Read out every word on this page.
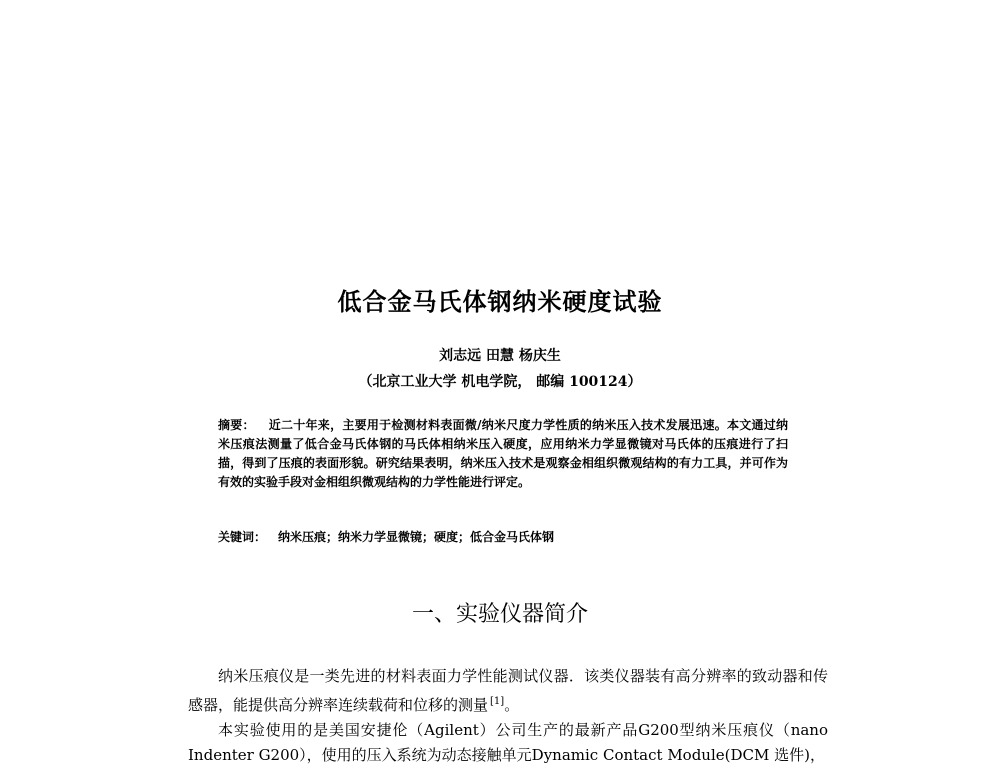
低合金马氏体钢纳米硬度试验
刘志远 田慧 杨庆生
（北京工业大学 机电学院， 邮编 100124）
摘要： 近二十年来，主要用于检测材料表面微/纳米尺度力学性质的纳米压入技术发展迅速。本文通过纳米压痕法测量了低合金马氏体钢的马氏体相纳米压入硬度，应用纳米力学显微镜对马氏体的压痕进行了扫描，得到了压痕的表面形貌。研究结果表明，纳米压入技术是观察金相组织微观结构的有力工具，并可作为有效的实验手段对金相组织微观结构的力学性能进行评定。
关键词： 纳米压痕；纳米力学显微镜；硬度；低合金马氏体钢
一、实验仪器简介

纳米压痕仪是一类先进的材料表面力学性能测试仪器．该类仪器装有高分辨率的致动器和传感器，能提供高分辨率连续载荷和位移的测量 [1]。

本实验使用的是美国安捷伦（Agilent）公司生产的最新产品G200型纳米压痕仪（nano Indenter G200），使用的压入系统为动态接触单元Dynamic Contact Module(DCM 选件)，
